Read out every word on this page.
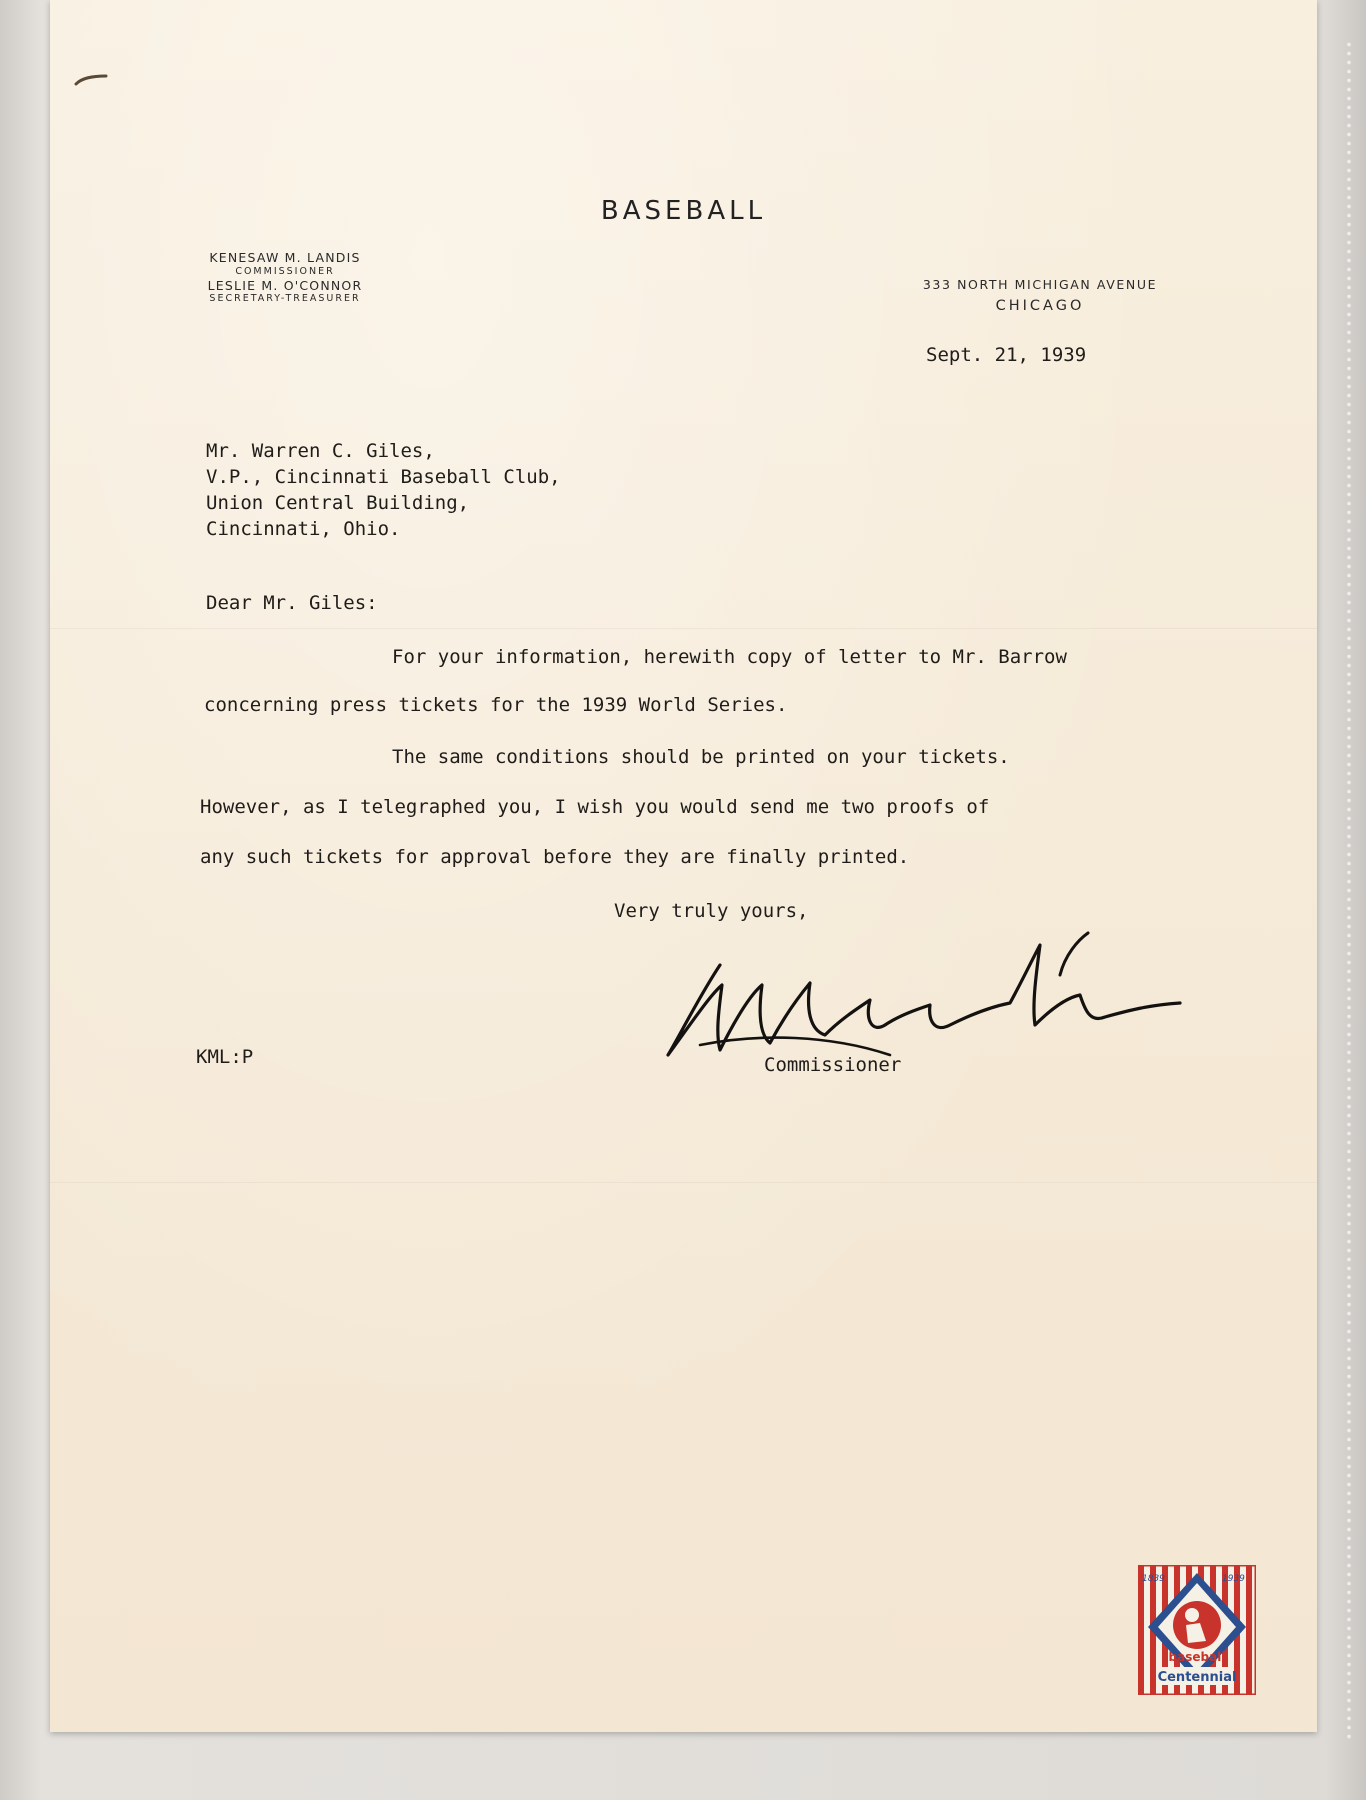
BASEBALL
KENESAW M. LANDIS
COMMISSIONER
LESLIE M. O'CONNOR
SECRETARY-TREASURER
333 NORTH MICHIGAN AVENUE
CHICAGO
Sept. 21, 1939
Mr. Warren C. Giles,
V.P., Cincinnati Baseball Club,
Union Central Building,
Cincinnati, Ohio.
Dear Mr. Giles:
For your information, herewith copy of letter to Mr. Barrow
concerning press tickets for the 1939 World Series.
The same conditions should be printed on your tickets.
However, as I telegraphed you, I wish you would send me two proofs of
any such tickets for approval before they are finally printed.
Very truly yours,
Commissioner
KML:P
1839	1939
baseball
Centennial
